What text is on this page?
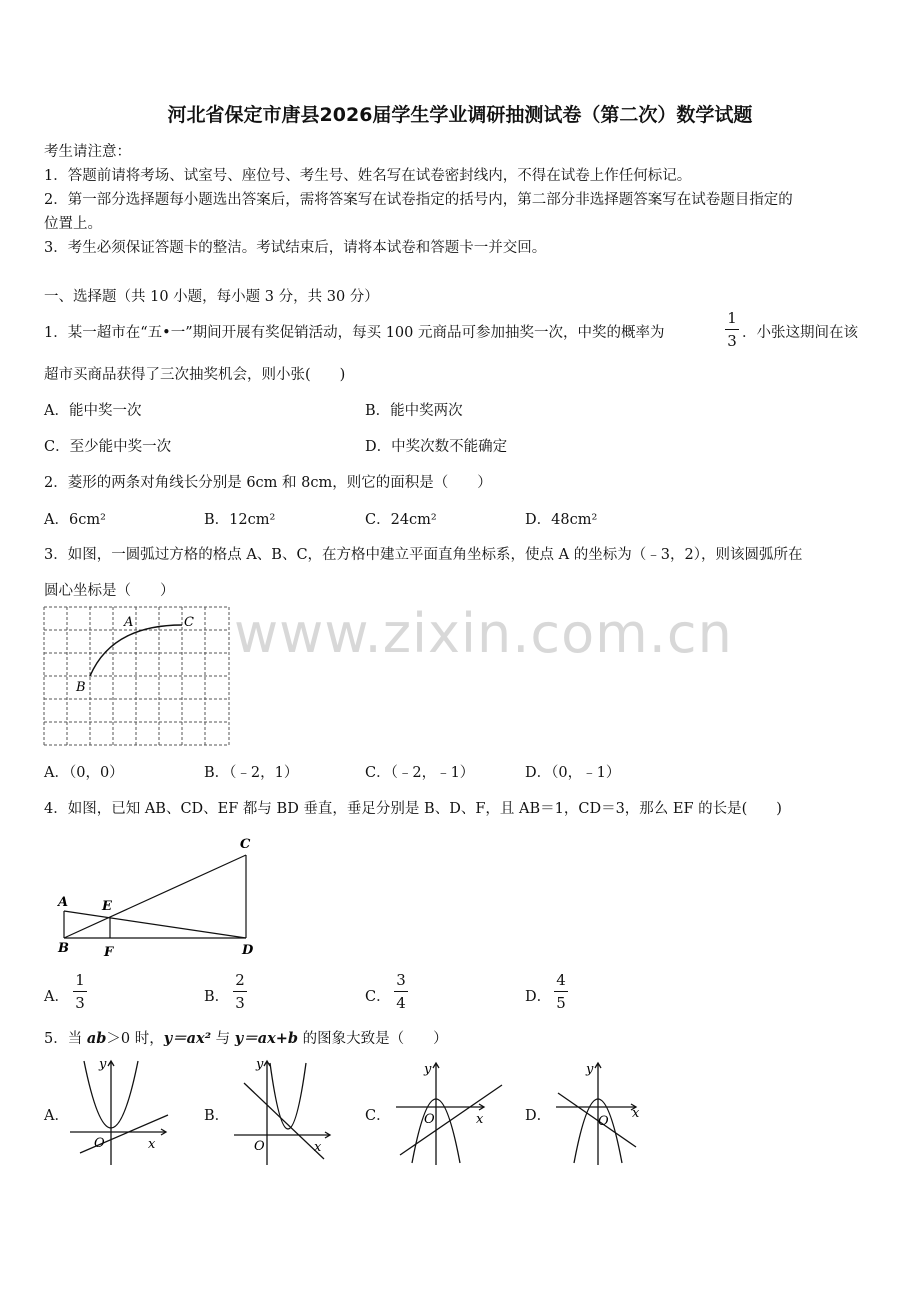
河北省保定市唐县2026届学生学业调研抽测试卷（第二次）数学试题
考生请注意：
1．答题前请将考场、试室号、座位号、考生号、姓名写在试卷密封线内，不得在试卷上作任何标记。
2．第一部分选择题每小题选出答案后，需将答案写在试卷指定的括号内，第二部分非选择题答案写在试卷题目指定的
位置上。
3．考生必须保证答题卡的整洁。考试结束后，请将本试卷和答题卡一并交回。
一、选择题（共 10 小题，每小题 3 分，共 30 分）
1．某一超市在“五•一”期间开展有奖促销活动，每买 100 元商品可参加抽奖一次，中奖的概率为
1
3 ．小张这期间在该
超市买商品获得了三次抽奖机会，则小张(　　)
A．能中奖一次	B．能中奖两次
C．至少能中奖一次	D．中奖次数不能确定
2．菱形的两条对角线长分别是 6cm 和 8cm，则它的面积是（　　）
A．6cm²	B．12cm²	C．24cm²	D．48cm²
3．如图，一圆弧过方格的格点 A、B、C，在方格中建立平面直角坐标系，使点 A 的坐标为（﹣3，2），则该圆弧所在
圆心坐标是（　　）
A	C
B
A．（0，0）	B．（﹣2，1）	C．（﹣2，﹣1）	D．（0，﹣1）
4．如图，已知 AB、CD、EF 都与 BD 垂直，垂足分别是 B、D、F，且 AB＝1，CD＝3，那么 EF 的长是(　　)
C
A	E
B	F	D
A．
1
3	B．
2
3	C．
3
4	D．
4
5
5．当 ab＞0 时，y＝ax² 与 y＝ax+b 的图象大致是（　　）
A．	B．	C．	D．
y
x
O
y
x
O
y
x
O
y
x
O
www.zixin.com.cn
